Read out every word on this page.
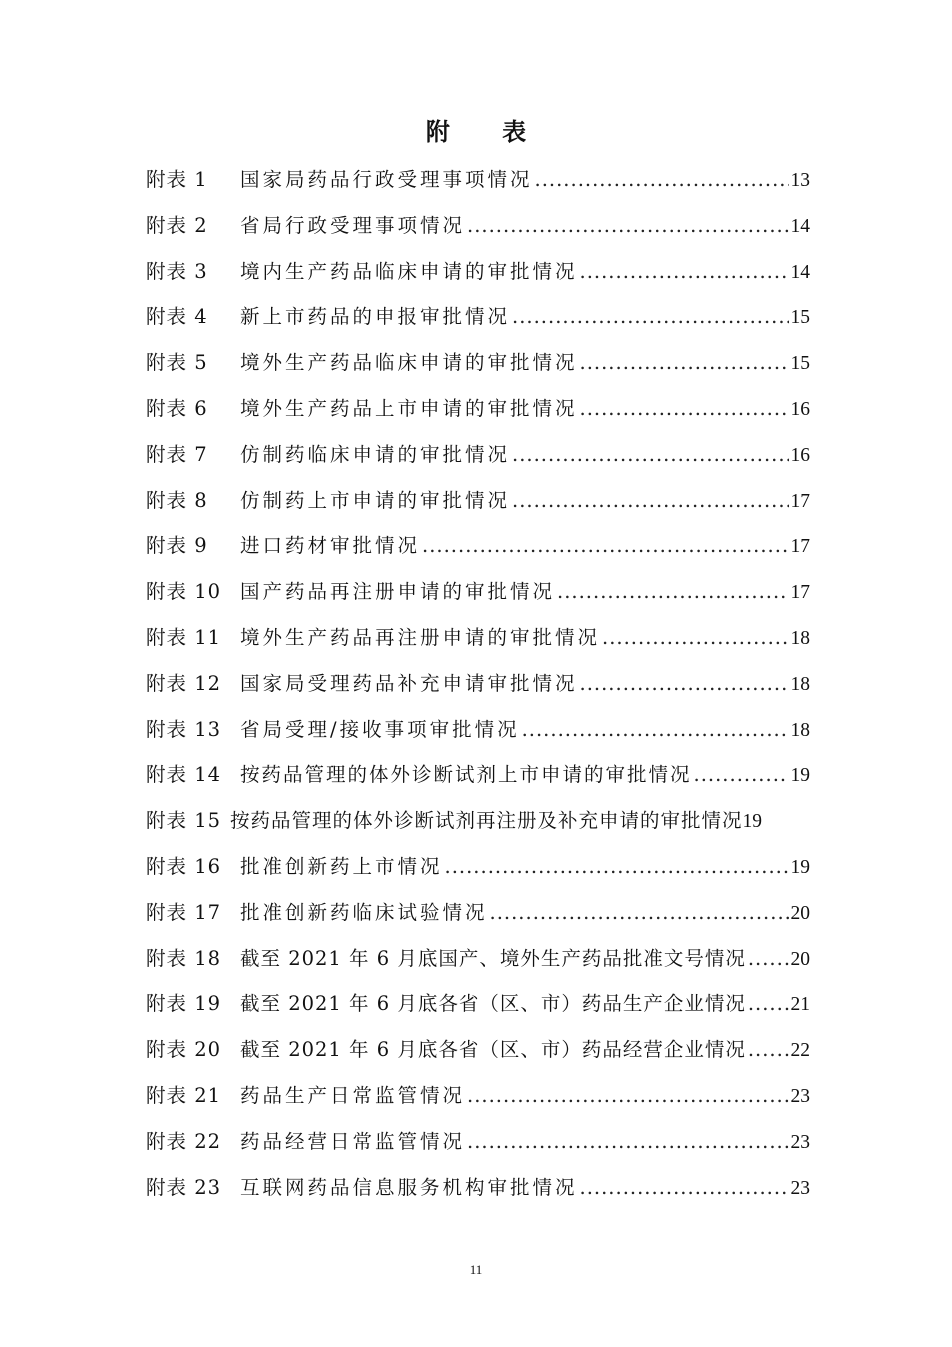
附 表
附表 1	国家局药品行政受理事项情况 .....	13
附表 2	省局行政受理事项情况 .....	14
附表 3	境内生产药品临床申请的审批情况 .....	14
附表 4	新上市药品的申报审批情况 .....	15
附表 5	境外生产药品临床申请的审批情况 .....	15
附表 6	境外生产药品上市申请的审批情况 .....	16
附表 7	仿制药临床申请的审批情况 .....	16
附表 8	仿制药上市申请的审批情况 .....	17
附表 9	进口药材审批情况 .....	17
附表 10 国产药品再注册申请的审批情况 .....	17
附表 11 境外生产药品再注册申请的审批情况 .....	18
附表 12 国家局受理药品补充申请审批情况 .....	18
附表 13 省局受理/接收事项审批情况 .....	18
附表 14 按药品管理的体外诊断试剂上市申请的审批情况 .....	19
附表 15 按药品管理的体外诊断试剂再注册及补充申请的审批情况 19
附表 16 批准创新药上市情况 .....	19
附表 17 批准创新药临床试验情况 .....	20
附表 18 截至 2021 年 6 月底国产、境外生产药品批准文号情况 ..... 20
附表 19 截至 2021 年 6 月底各省（区、市）药品生产企业情况 ..... 21
附表 20 截至 2021 年 6 月底各省（区、市）药品经营企业情况 ..... 22
附表 21 药品生产日常监管情况 .....	23
附表 22 药品经营日常监管情况 .....	23
附表 23 互联网药品信息服务机构审批情况 .....	23
11
